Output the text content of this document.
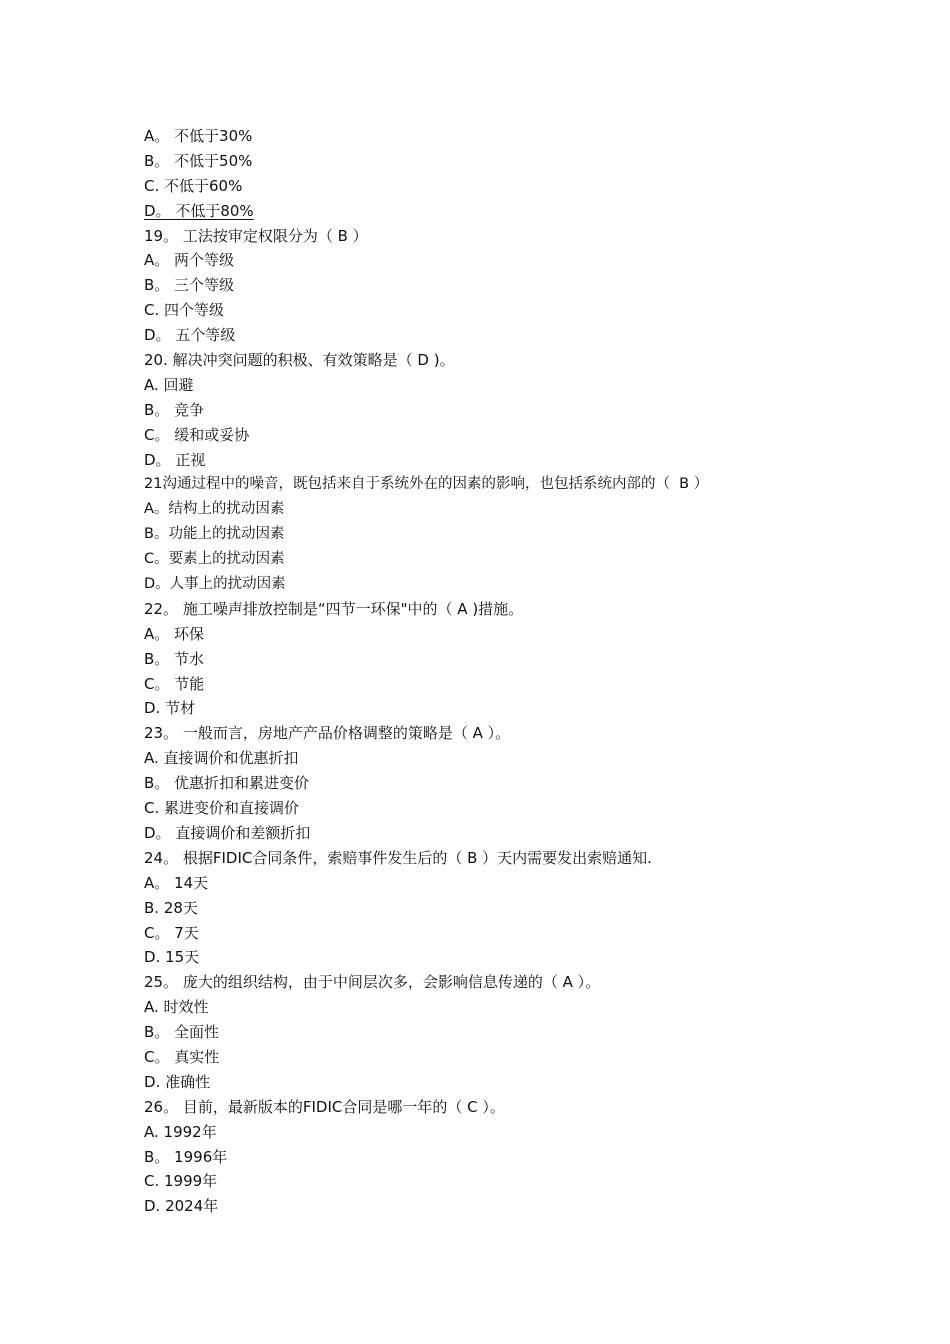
A。 不低于30%
B。 不低于50%
C. 不低于60%
D。 不低于80%
19。 工法按审定权限分为（ B ）
A。 两个等级
B。 三个等级
C. 四个等级
D。 五个等级
20. 解决冲突问题的积极、有效策略是（ D )。
A. 回避
B。 竞争
C。 缓和或妥协
D。 正视
21沟通过程中的噪音，既包括来自于系统外在的因素的影响，也包括系统内部的（  B ）
A。结构上的扰动因素
B。功能上的扰动因素
C。要素上的扰动因素
D。人事上的扰动因素
22。 施工噪声排放控制是“四节一环保"中的（ A )措施。
A。 环保
B。 节水
C。 节能
D. 节材
23。 一般而言，房地产产品价格调整的策略是（ A ）。
A. 直接调价和优惠折扣
B。 优惠折扣和累进变价
C. 累进变价和直接调价
D。 直接调价和差额折扣
24。 根据FIDIC合同条件，索赔事件发生后的（ B ）天内需要发出索赔通知.
A。 14天
B. 28天
C。 7天
D. 15天
25。 庞大的组织结构，由于中间层次多，会影响信息传递的（ A ）。
A. 时效性
B。 全面性
C。 真实性
D. 准确性
26。 目前，最新版本的FIDIC合同是哪一年的（ C ）。
A. 1992年
B。 1996年
C. 1999年
D. 2024年
